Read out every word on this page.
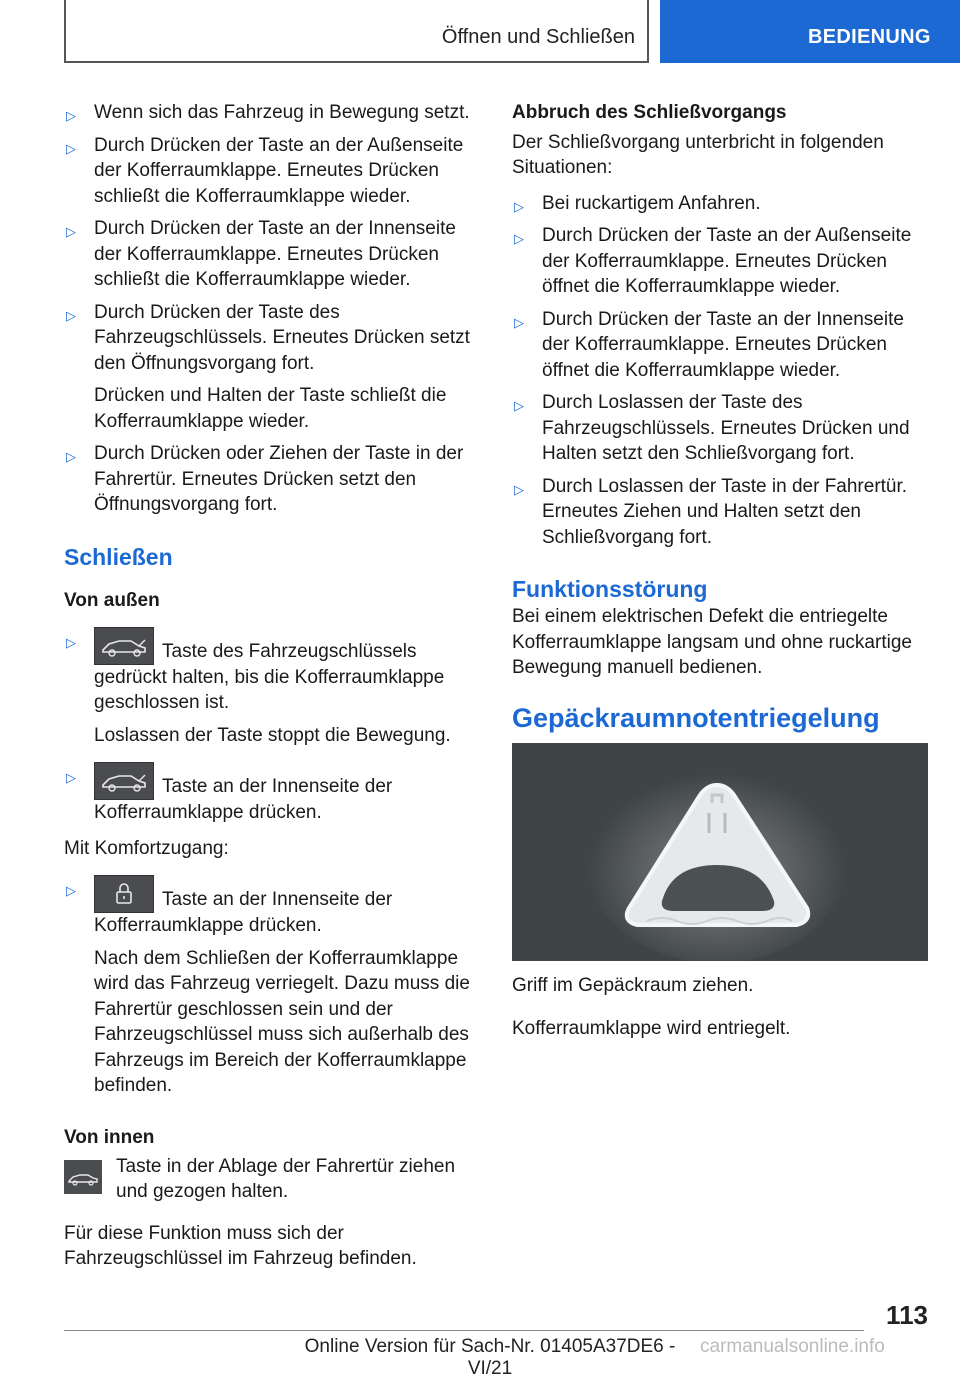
Öffnen und Schließen	BEDIENUNG
▷ Wenn sich das Fahrzeug in Bewegung setzt.

▷ Durch Drücken der Taste an der Außenseite der Kofferraumklappe. Erneutes Drücken schließt die Kofferraumklappe wieder.

▷ Durch Drücken der Taste an der Innenseite der Kofferraumklappe. Erneutes Drücken schließt die Kofferraumklappe wieder.

▷ Durch Drücken der Taste des Fahrzeugschlüssels. Erneutes Drücken setzt den Öffnungsvorgang fort.

Drücken und Halten der Taste schließt die Kofferraumklappe wieder.

▷ Durch Drücken oder Ziehen der Taste in der Fahrertür. Erneutes Drücken setzt den Öffnungsvorgang fort.

Schließen
Von außen
▷	Taste des Fahrzeugschlüssels gedrückt halten, bis die Kofferraumklappe geschlossen ist.

Loslassen der Taste stoppt die Bewegung.

▷	Taste an der Innenseite der Kofferraumklappe drücken.

Mit Komfortzugang:

▷	Taste an der Innenseite der Kofferraumklappe drücken.

Nach dem Schließen der Kofferraumklappe wird das Fahrzeug verriegelt. Dazu muss die Fahrertür geschlossen sein und der Fahrzeugschlüssel muss sich außerhalb des Fahrzeugs im Bereich der Kofferraumklappe befinden.

Von innen

Taste in der Ablage der Fahrertür ziehen und gezogen halten.

Für diese Funktion muss sich der Fahrzeugschlüssel im Fahrzeug befinden.

Abbruch des Schließvorgangs

Der Schließvorgang unterbricht in folgenden Situationen:

▷ Bei ruckartigem Anfahren.

▷ Durch Drücken der Taste an der Außenseite der Kofferraumklappe. Erneutes Drücken öffnet die Kofferraumklappe wieder.

▷ Durch Drücken der Taste an der Innenseite der Kofferraumklappe. Erneutes Drücken öffnet die Kofferraumklappe wieder.

▷ Durch Loslassen der Taste des Fahrzeugschlüssels. Erneutes Drücken und Halten setzt den Schließvorgang fort.

▷ Durch Loslassen der Taste in der Fahrertür. Erneutes Ziehen und Halten setzt den Schließvorgang fort.

Funktionsstörung

Bei einem elektrischen Defekt die entriegelte Kofferraumklappe langsam und ohne ruckartige Bewegung manuell bedienen.

Gepäckraumnotentriegelung

Griff im Gepäckraum ziehen.

Kofferraumklappe wird entriegelt.

113
Online Version für Sach-Nr. 01405A37DE6 - VI/21
carmanualsonline.info
